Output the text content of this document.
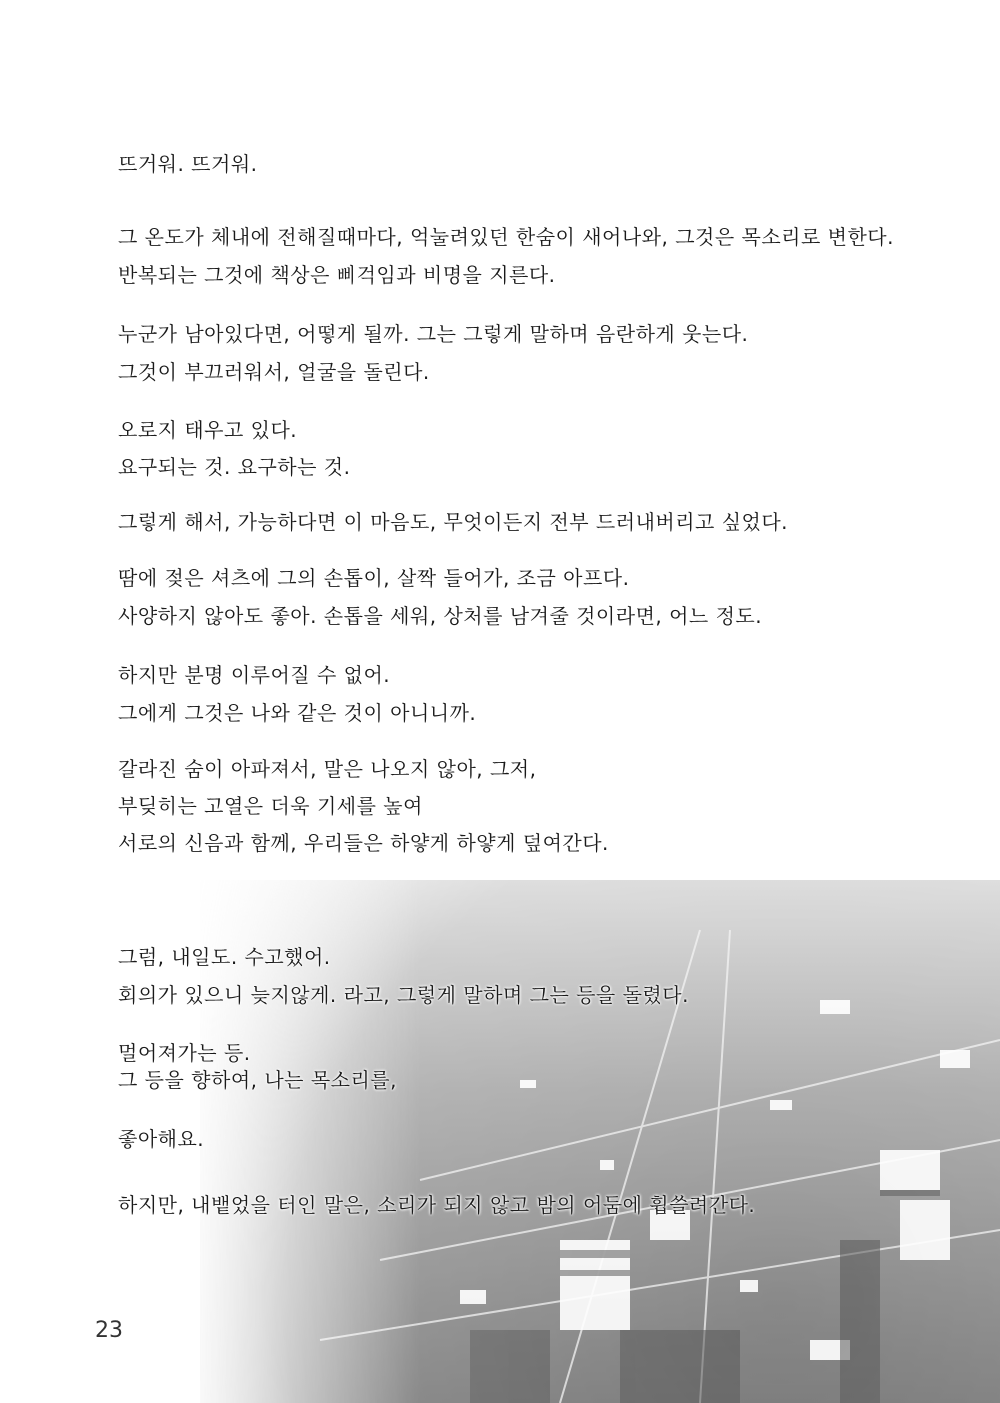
뜨거워. 뜨거워.
그 온도가 체내에 전해질때마다, 억눌려있던 한숨이 새어나와, 그것은 목소리로 변한다.
반복되는 그것에 책상은 삐걱임과 비명을 지른다.
누군가 남아있다면, 어떻게 될까. 그는 그렇게 말하며 음란하게 웃는다.
그것이 부끄러워서, 얼굴을 돌린다.
오로지 태우고 있다.
요구되는 것. 요구하는 것.
그렇게 해서, 가능하다면 이 마음도, 무엇이든지 전부 드러내버리고 싶었다.
땀에 젖은 셔츠에 그의 손톱이, 살짝 들어가, 조금 아프다.
사양하지 않아도 좋아. 손톱을 세워, 상처를 남겨줄 것이라면, 어느 정도.
하지만 분명 이루어질 수 없어.
그에게 그것은 나와 같은 것이 아니니까.
갈라진 숨이 아파져서, 말은 나오지 않아, 그저,
부딪히는 고열은 더욱 기세를 높여
서로의 신음과 함께, 우리들은 하얗게 하얗게 덮여간다.
그럼, 내일도. 수고했어.
회의가 있으니 늦지않게. 라고, 그렇게 말하며 그는 등을 돌렸다.
멀어져가는 등.
그 등을 향하여, 나는 목소리를,
좋아해요.
하지만, 내뱉었을 터인 말은, 소리가 되지 않고 밤의 어둠에 휩쓸려간다.
23
